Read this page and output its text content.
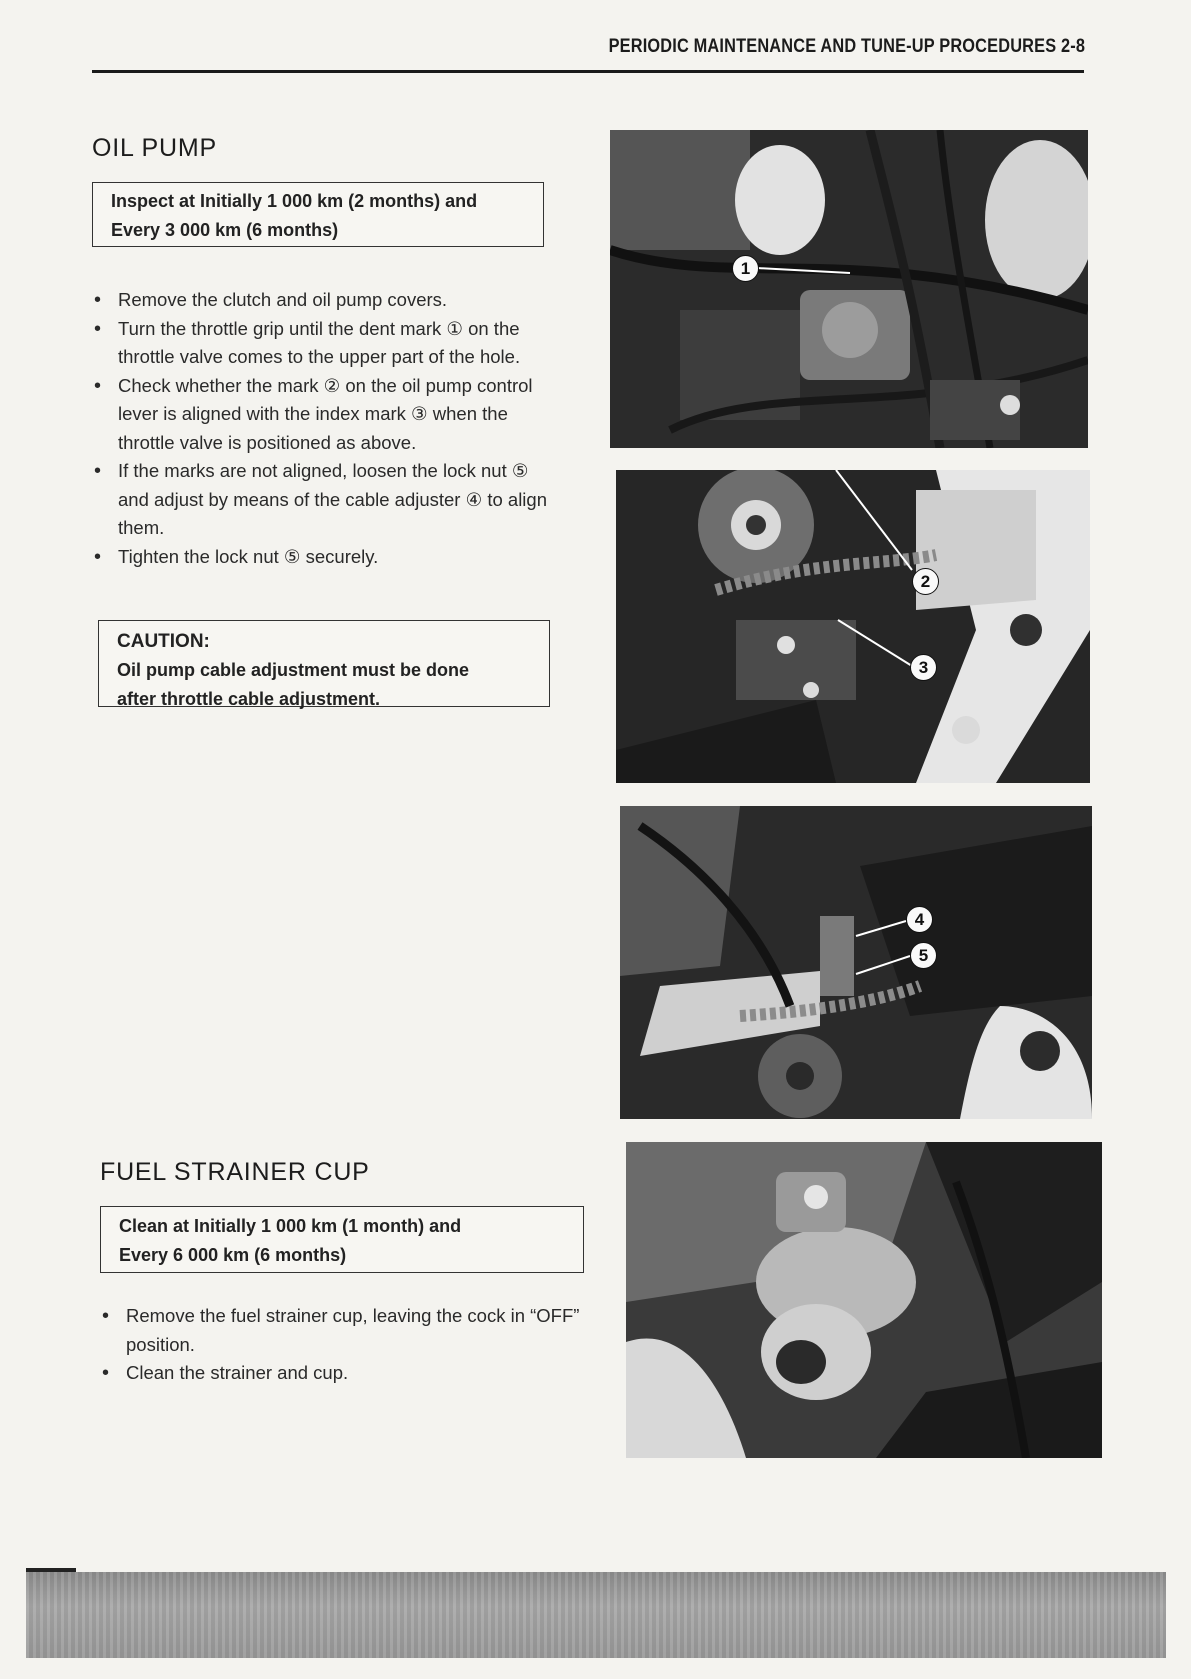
PERIODIC MAINTENANCE AND TUNE-UP PROCEDURES 2-8
OIL PUMP
Inspect at Initially 1 000 km (2 months) and
Every 3 000 km (6 months)
• Remove the clutch and oil pump covers.
• Turn the throttle grip until the dent mark ① on the throttle valve comes to the upper part of the hole.
• Check whether the mark ② on the oil pump control lever is aligned with the index mark ③ when the throttle valve is positioned as above.
• If the marks are not aligned, loosen the lock nut ⑤ and adjust by means of the cable adjuster ④ to align them.
• Tighten the lock nut ⑤ securely.
CAUTION:
Oil pump cable adjustment must be done
after throttle cable adjustment.
FUEL STRAINER CUP
Clean at Initially 1 000 km (1 month) and
Every 6 000 km (6 months)
• Remove the fuel strainer cup, leaving the cock in “OFF” position.
• Clean the strainer and cup.
1
2
3
4
5
